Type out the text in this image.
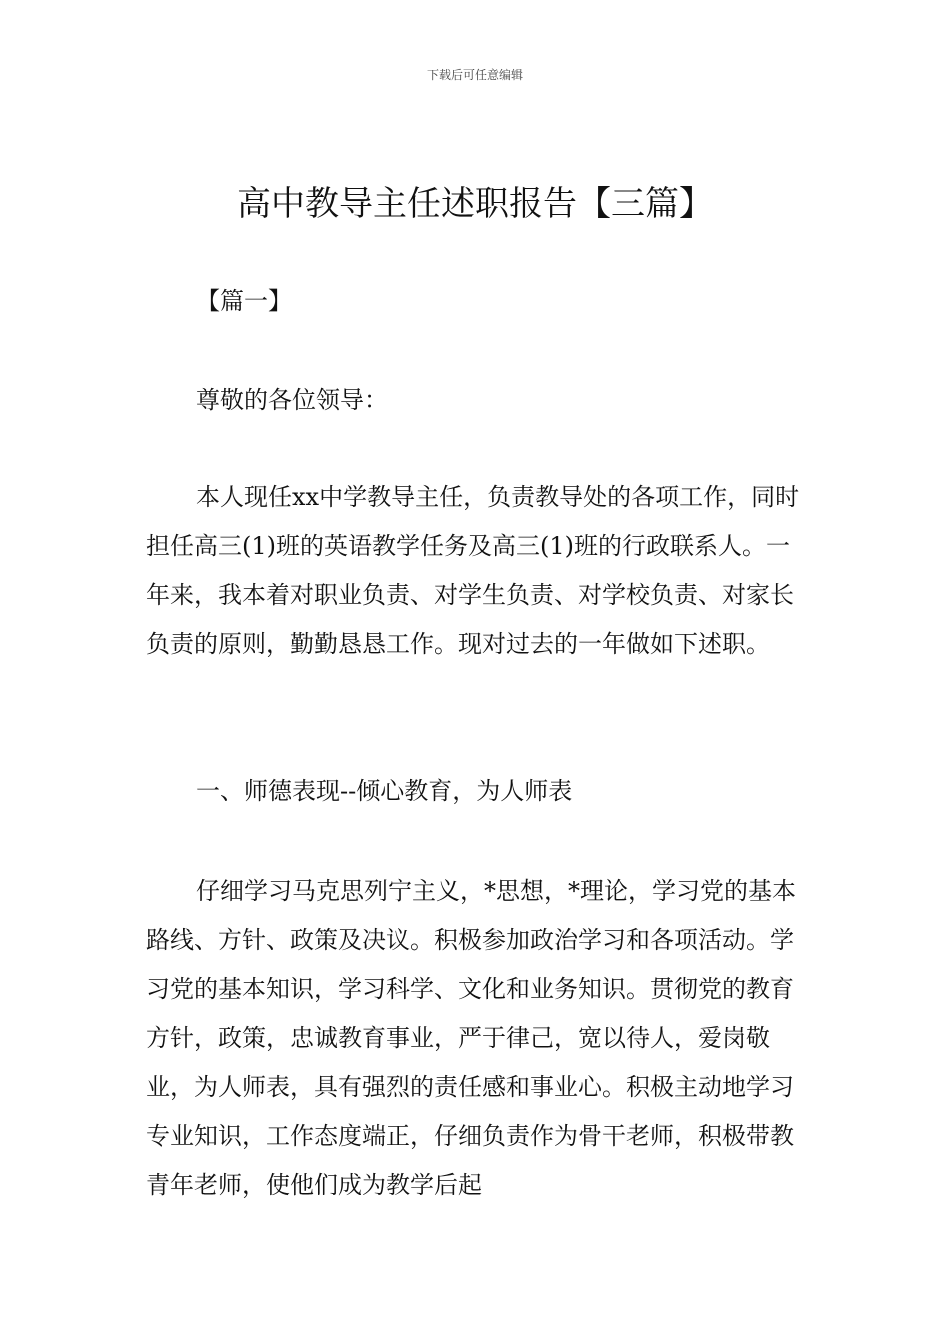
下载后可任意编辑
高中教导主任述职报告【三篇】

【篇一】

尊敬的各位领导：

本人现任xx中学教导主任，负责教导处的各项工作，同时担任高三(1)班的英语教学任务及高三(1)班的行政联系人。一年来，我本着对职业负责、对学生负责、对学校负责、对家长负责的原则，勤勤恳恳工作。现对过去的一年做如下述职。

一、师德表现--倾心教育，为人师表

仔细学习马克思列宁主义，*思想，*理论，学习党的基本路线、方针、政策及决议。积极参加政治学习和各项活动。学习党的基本知识，学习科学、文化和业务知识。贯彻党的教育方针，政策，忠诚教育事业，严于律己，宽以待人，爱岗敬业，为人师表，具有强烈的责任感和事业心。积极主动地学习专业知识，工作态度端正，仔细负责作为骨干老师，积极带教青年老师，使他们成为教学后起
